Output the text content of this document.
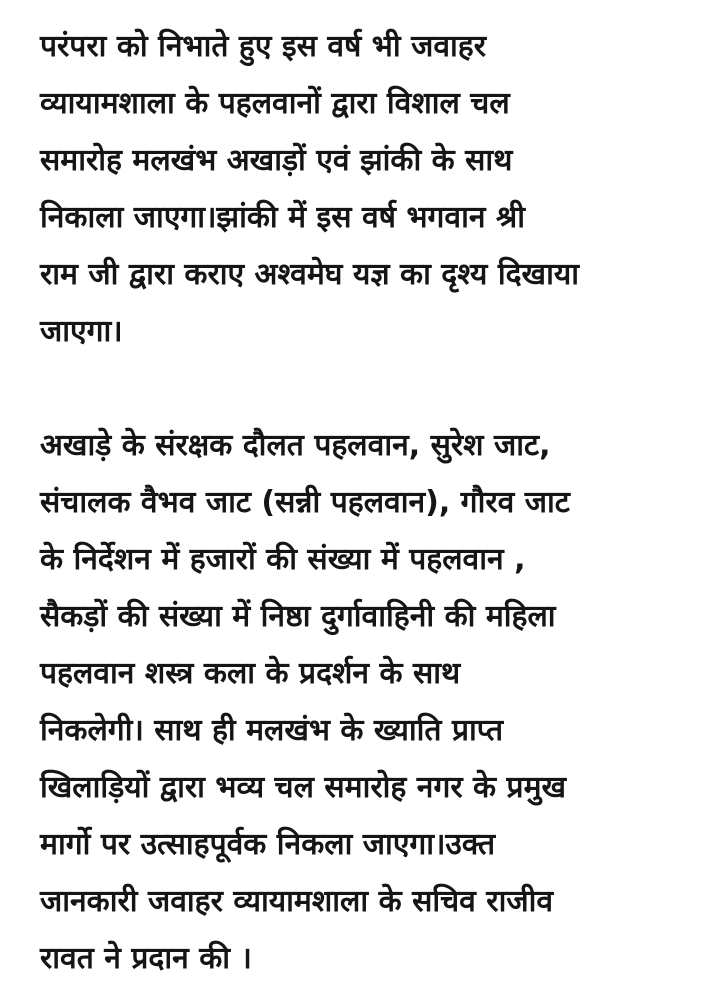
परंपरा को निभाते हुए इस वर्ष भी जवाहर
व्यायामशाला के पहलवानों द्वारा विशाल चल
समारोह मलखंभ अखाड़ों एवं झांकी के साथ
निकाला जाएगा।झांकी में इस वर्ष भगवान श्री
राम जी द्वारा कराए अश्वमेघ यज्ञ का दृश्य दिखाया
जाएगा।
अखाड़े के संरक्षक दौलत पहलवान, सुरेश जाट,
संचालक वैभव जाट (सन्नी पहलवान), गौरव जाट
के निर्देशन में हजारों की संख्या में पहलवान ,
सैकड़ों की संख्या में निष्ठा दुर्गावाहिनी की महिला
पहलवान शस्त्र कला के प्रदर्शन के साथ
निकलेगी। साथ ही मलखंभ के ख्याति प्राप्त
खिलाड़ियों द्वारा भव्य चल समारोह नगर के प्रमुख
मार्गो पर उत्साहपूर्वक निकला जाएगा।उक्त
जानकारी जवाहर व्यायामशाला के सचिव राजीव
रावत ने प्रदान की ।
